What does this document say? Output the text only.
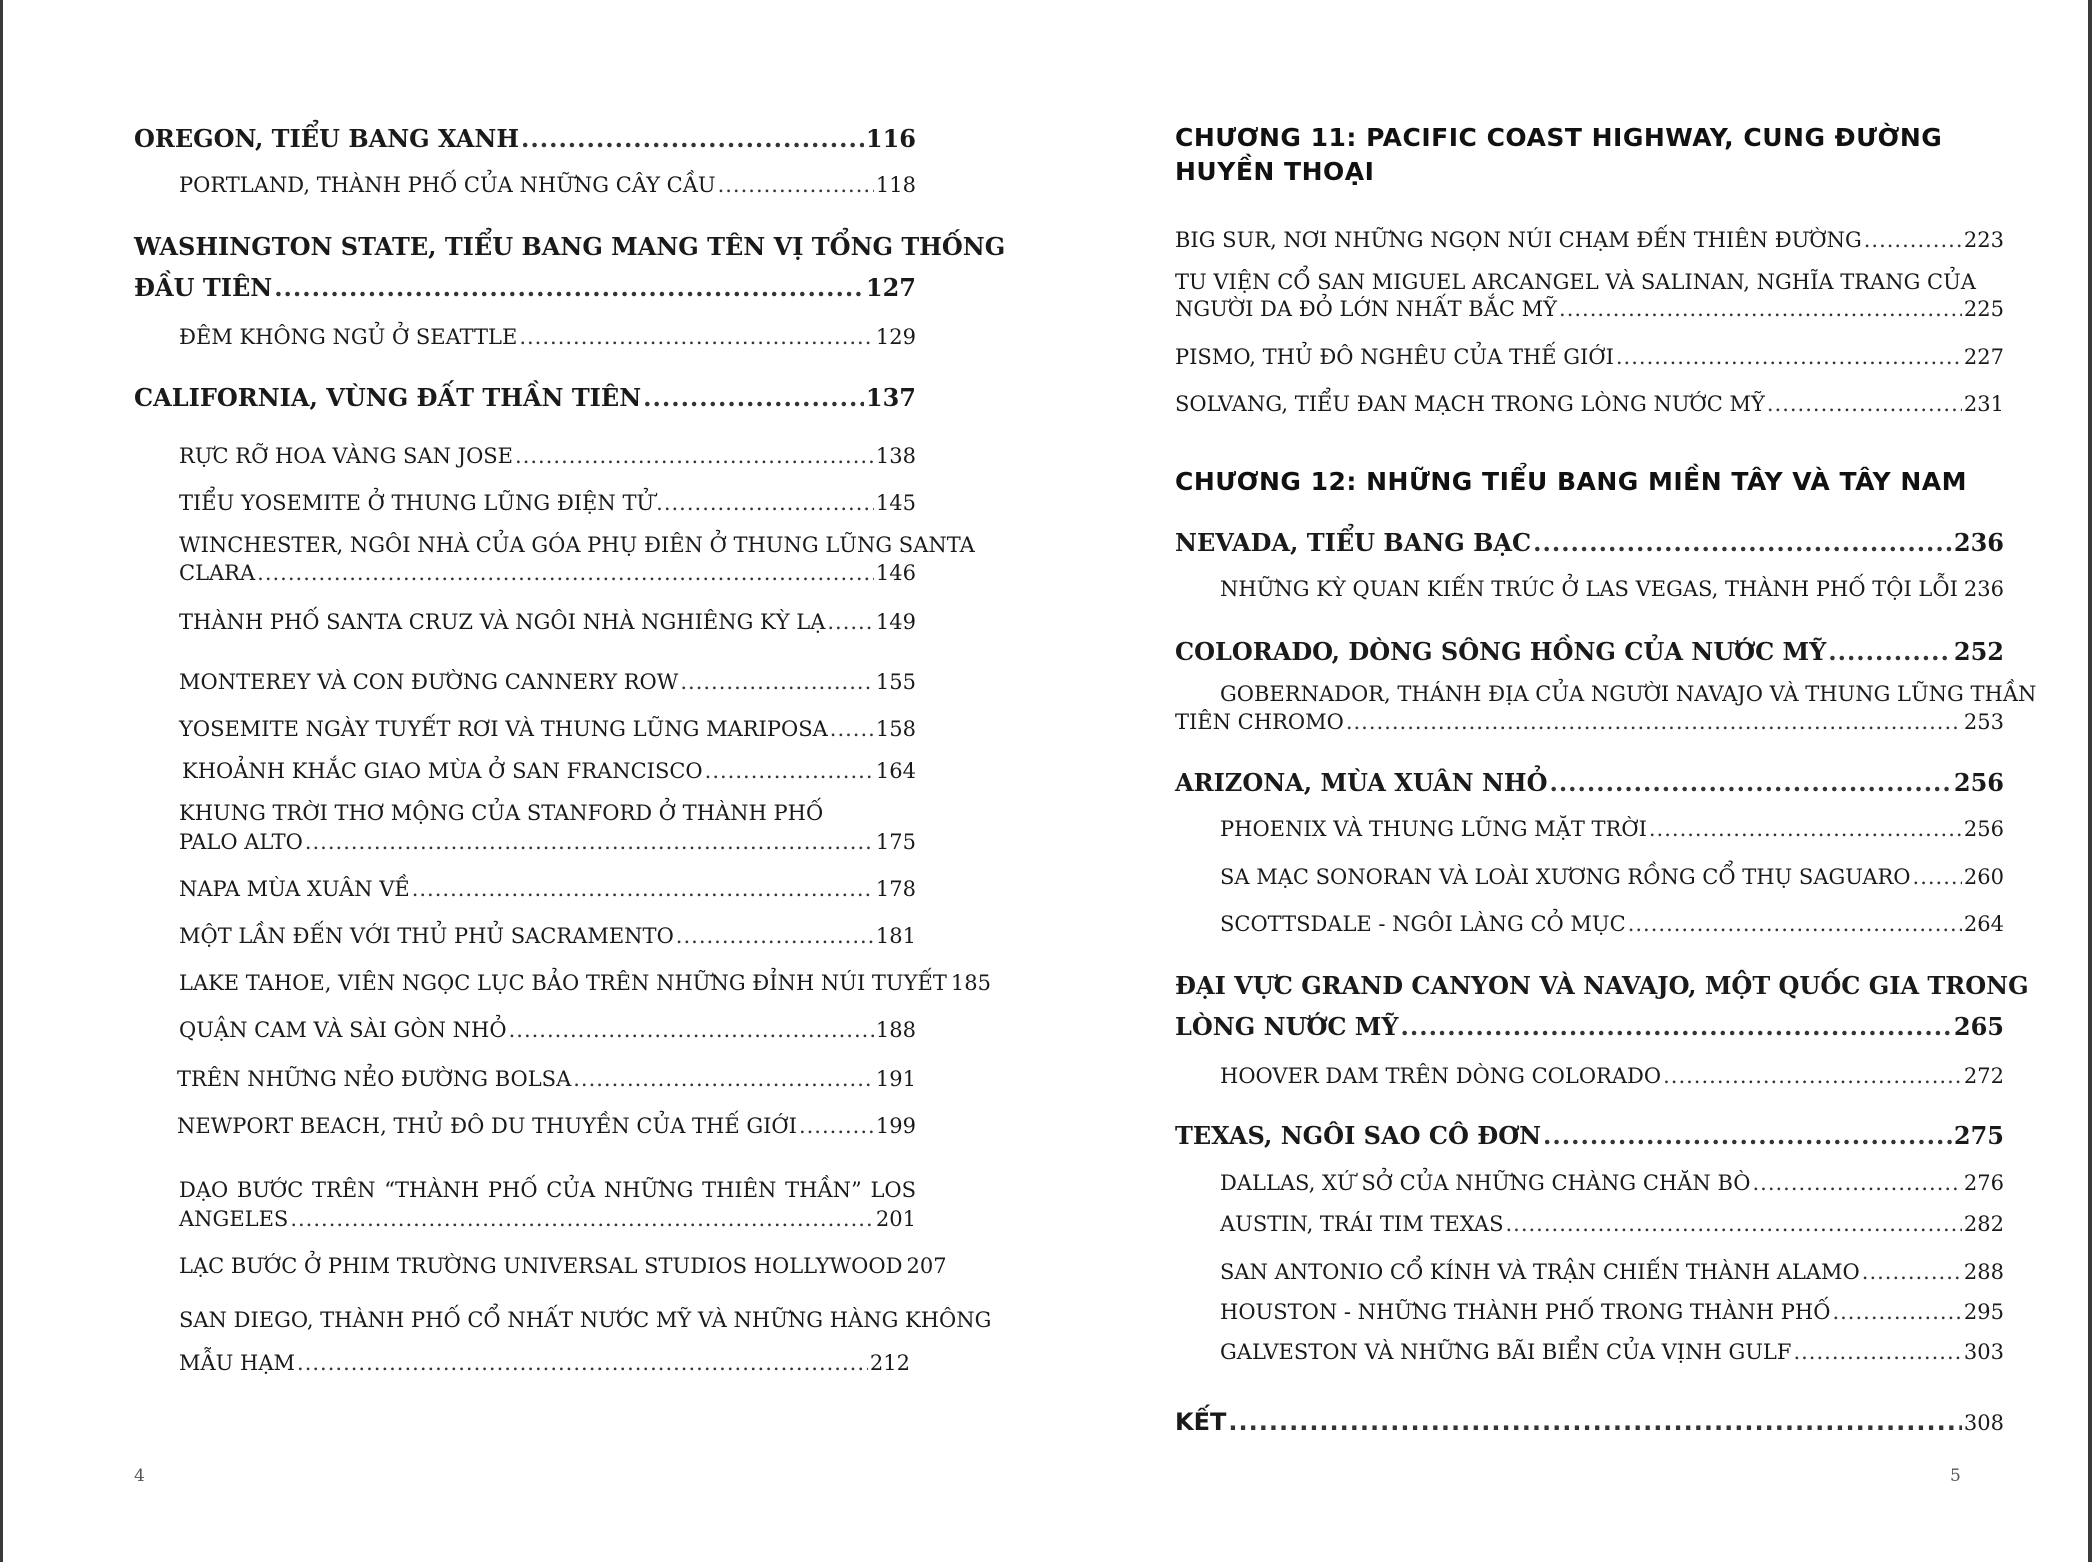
OREGON, TIỂU BANG XANH .....	116
PORTLAND, THÀNH PHỐ CỦA NHỮNG CÂY CẦU .....	118
WASHINGTON STATE, TIỂU BANG MANG TÊN VỊ TỔNG THỐNG
ĐẦU TIÊN .....	127
ĐÊM KHÔNG NGỦ Ở SEATTLE .....	129
CALIFORNIA, VÙNG ĐẤT THẦN TIÊN .....	137
RỰC RỠ HOA VÀNG SAN JOSE .....	138
TIỂU YOSEMITE Ở THUNG LŨNG ĐIỆN TỬ .....	145
WINCHESTER, NGÔI NHÀ CỦA GÓA PHỤ ĐIÊN Ở THUNG LŨNG SANTA
CLARA .....	146
THÀNH PHỐ SANTA CRUZ VÀ NGÔI NHÀ NGHIÊNG KỲ LẠ ..... 149
MONTEREY VÀ CON ĐƯỜNG CANNERY ROW .....	155
YOSEMITE NGÀY TUYẾT RƠI VÀ THUNG LŨNG MARIPOSA ..... 158
KHOẢNH KHẮC GIAO MÙA Ở SAN FRANCISCO .....	164
KHUNG TRỜI THƠ MỘNG CỦA STANFORD Ở THÀNH PHỐ
PALO ALTO .....	175
NAPA MÙA XUÂN VỀ .....	178
MỘT LẦN ĐẾN VỚI THỦ PHỦ SACRAMENTO .....	181
LAKE TAHOE, VIÊN NGỌC LỤC BẢO TRÊN NHỮNG ĐỈNH NÚI TUYẾT 185
QUẬN CAM VÀ SÀI GÒN NHỎ .....	188
TRÊN NHỮNG NẺO ĐƯỜNG BOLSA .....	191
NEWPORT BEACH, THỦ ĐÔ DU THUYỀN CỦA THẾ GIỚI .....	199
DẠO BƯỚC TRÊN “THÀNH PHỐ CỦA NHỮNG THIÊN THẦN” LOS
ANGELES .....	201
LẠC BƯỚC Ở PHIM TRƯỜNG UNIVERSAL STUDIOS HOLLYWOOD 207
SAN DIEGO, THÀNH PHỐ CỔ NHẤT NƯỚC MỸ VÀ NHỮNG HÀNG KHÔNG
MẪU HẠM .....	212
4
CHƯƠNG 11: PACIFIC COAST HIGHWAY, CUNG ĐƯỜNG
HUYỀN THOẠI
BIG SUR, NƠI NHỮNG NGỌN NÚI CHẠM ĐẾN THIÊN ĐƯỜNG .....	223
TU VIỆN CỔ SAN MIGUEL ARCANGEL VÀ SALINAN, NGHĨA TRANG CỦA
NGƯỜI DA ĐỎ LỚN NHẤT BẮC MỸ .....	225
PISMO, THỦ ĐÔ NGHÊU CỦA THẾ GIỚI .....	227
SOLVANG, TIỂU ĐAN MẠCH TRONG LÒNG NƯỚC MỸ .....	231
CHƯƠNG 12: NHỮNG TIỂU BANG MIỀN TÂY VÀ TÂY NAM
NEVADA, TIỂU BANG BẠC .....	236
NHỮNG KỲ QUAN KIẾN TRÚC Ở LAS VEGAS, THÀNH PHỐ TỘI LỖI ..... 236
COLORADO, DÒNG SÔNG HỒNG CỦA NƯỚC MỸ .....	252
GOBERNADOR, THÁNH ĐỊA CỦA NGƯỜI NAVAJO VÀ THUNG LŨNG THẦN
TIÊN CHROMO .....	253
ARIZONA, MÙA XUÂN NHỎ .....	256
PHOENIX VÀ THUNG LŨNG MẶT TRỜI .....	256
SA MẠC SONORAN VÀ LOÀI XƯƠNG RỒNG CỔ THỤ SAGUARO .....	260
SCOTTSDALE - NGÔI LÀNG CỎ MỤC .....	264
ĐẠI VỰC GRAND CANYON VÀ NAVAJO, MỘT QUỐC GIA TRONG
LÒNG NƯỚC MỸ .....	265
HOOVER DAM TRÊN DÒNG COLORADO .....	272
TEXAS, NGÔI SAO CÔ ĐƠN .....	275
DALLAS, XỨ SỞ CỦA NHỮNG CHÀNG CHĂN BÒ .....	276
AUSTIN, TRÁI TIM TEXAS .....	282
SAN ANTONIO CỔ KÍNH VÀ TRẬN CHIẾN THÀNH ALAMO .....	288
HOUSTON - NHỮNG THÀNH PHỐ TRONG THÀNH PHỐ .....	295
GALVESTON VÀ NHỮNG BÃI BIỂN CỦA VỊNH GULF .....	303
KẾT .....	308
5
